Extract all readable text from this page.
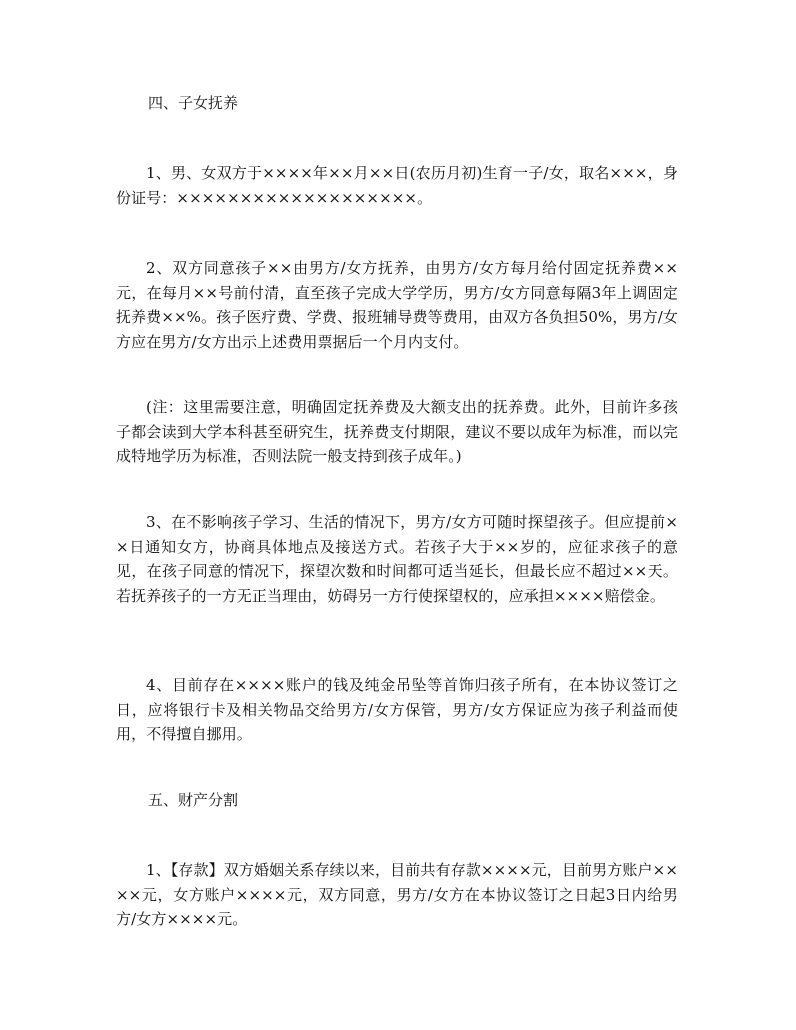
四、子女抚养

1、男、女双方于××××年××月××日(农历月初)生育一子/女，取名×××，身份证号：×××××××××××××××××××。

2、双方同意孩子××由男方/女方抚养，由男方/女方每月给付固定抚养费××元，在每月××号前付清，直至孩子完成大学学历，男方/女方同意每隔3年上调固定抚养费××%。孩子医疗费、学费、报班辅导费等费用，由双方各负担50%，男方/女方应在男方/女方出示上述费用票据后一个月内支付。

(注：这里需要注意，明确固定抚养费及大额支出的抚养费。此外，目前许多孩子都会读到大学本科甚至研究生，抚养费支付期限，建议不要以成年为标准，而以完成特地学历为标准，否则法院一般支持到孩子成年。)

3、在不影响孩子学习、生活的情况下，男方/女方可随时探望孩子。但应提前××日通知女方，协商具体地点及接送方式。若孩子大于××岁的，应征求孩子的意见，在孩子同意的情况下，探望次数和时间都可适当延长，但最长应不超过××天。若抚养孩子的一方无正当理由，妨碍另一方行使探望权的，应承担××××赔偿金。

4、目前存在××××账户的钱及纯金吊坠等首饰归孩子所有，在本协议签订之日，应将银行卡及相关物品交给男方/女方保管，男方/女方保证应为孩子利益而使用，不得擅自挪用。

五、财产分割

1、【存款】双方婚姻关系存续以来，目前共有存款××××元，目前男方账户××××元，女方账户××××元，双方同意，男方/女方在本协议签订之日起3日内给男方/女方××××元。
